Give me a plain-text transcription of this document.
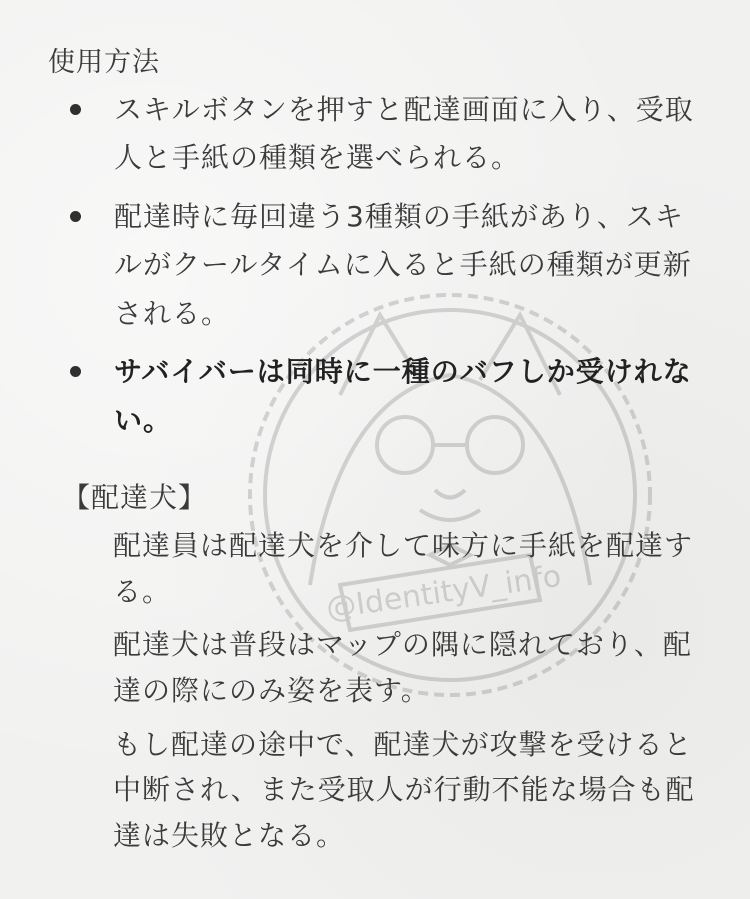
@IdentityV_info
使用方法
スキルボタンを押すと配達画面に入り、受取人と手紙の種類を選べられる。
配達時に毎回違う3種類の手紙があり、スキルがクールタイムに入ると手紙の種類が更新される。
サバイバーは同時に一種のバフしか受けれない。
【配達犬】

配達員は配達犬を介して味方に手紙を配達する。

配達犬は普段はマップの隅に隠れており、配達の際にのみ姿を表す。

もし配達の途中で、配達犬が攻撃を受けると中断され、また受取人が行動不能な場合も配達は失敗となる。
